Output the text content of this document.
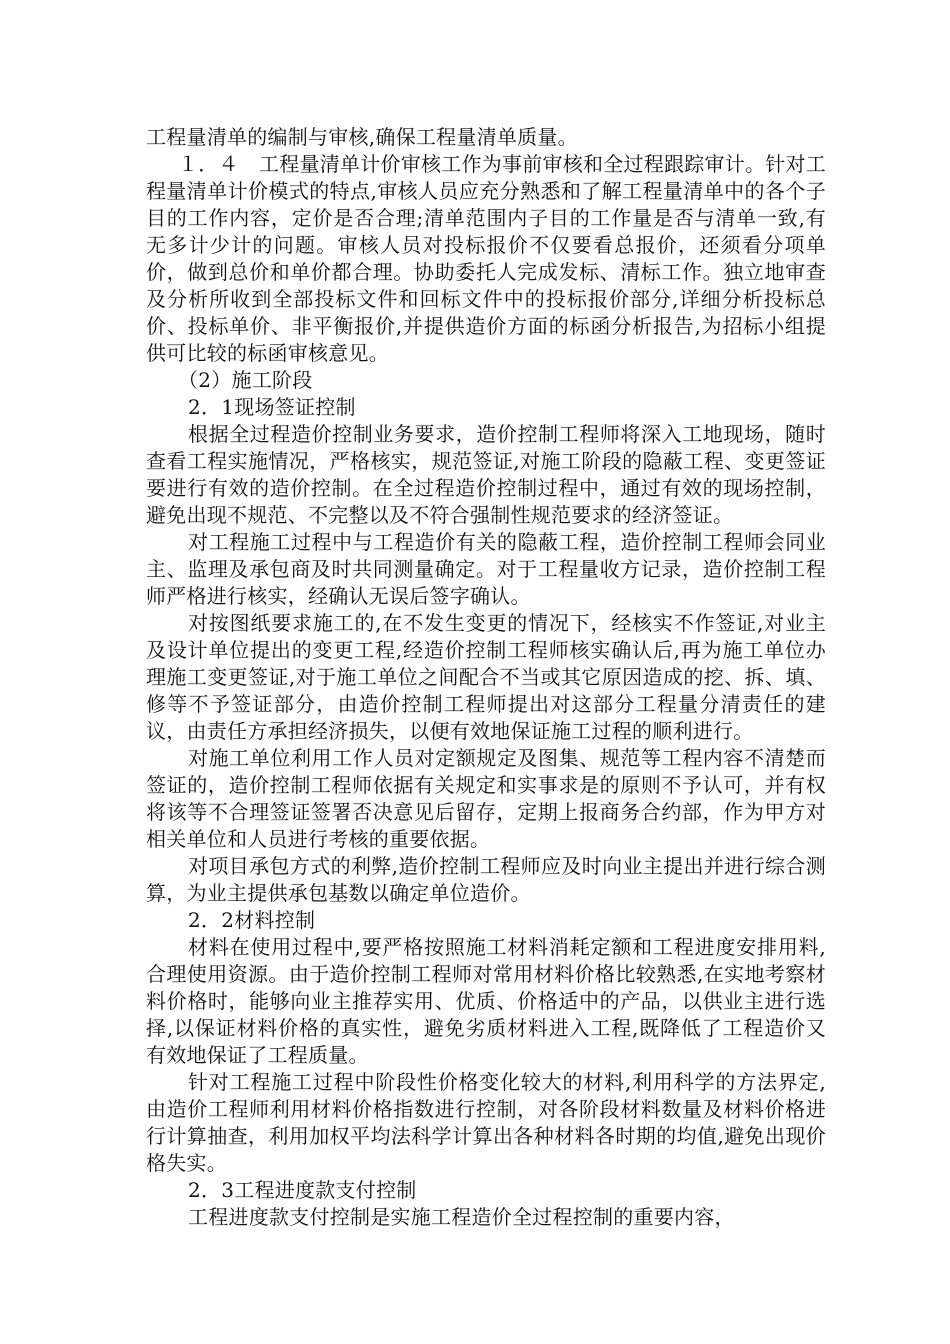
工程量清单的编制与审核,确保工程量清单质量。

１．４　工程量清单计价审核工作为事前审核和全过程跟踪审计。针对工程量清单计价模式的特点,审核人员应充分熟悉和了解工程量清单中的各个子目的工作内容，定价是否合理;清单范围内子目的工作量是否与清单一致,有无多计少计的问题。审核人员对投标报价不仅要看总报价，还须看分项单价，做到总价和单价都合理。协助委托人完成发标、清标工作。独立地审查及分析所收到全部投标文件和回标文件中的投标报价部分,详细分析投标总价、投标单价、非平衡报价,并提供造价方面的标函分析报告,为招标小组提供可比较的标函审核意见。

（2）施工阶段

2．1现场签证控制

根据全过程造价控制业务要求，造价控制工程师将深入工地现场，随时查看工程实施情况，严格核实，规范签证,对施工阶段的隐蔽工程、变更签证要进行有效的造价控制。在全过程造价控制过程中，通过有效的现场控制，避免出现不规范、不完整以及不符合强制性规范要求的经济签证。

对工程施工过程中与工程造价有关的隐蔽工程，造价控制工程师会同业主、监理及承包商及时共同测量确定。对于工程量收方记录，造价控制工程师严格进行核实，经确认无误后签字确认。

对按图纸要求施工的,在不发生变更的情况下，经核实不作签证,对业主及设计单位提出的变更工程,经造价控制工程师核实确认后,再为施工单位办理施工变更签证,对于施工单位之间配合不当或其它原因造成的挖、拆、填、修等不予签证部分，由造价控制工程师提出对这部分工程量分清责任的建议，由责任方承担经济损失，以便有效地保证施工过程的顺利进行。

对施工单位利用工作人员对定额规定及图集、规范等工程内容不清楚而签证的，造价控制工程师依据有关规定和实事求是的原则不予认可，并有权将该等不合理签证签署否决意见后留存，定期上报商务合约部，作为甲方对相关单位和人员进行考核的重要依据。

对项目承包方式的利弊,造价控制工程师应及时向业主提出并进行综合测算，为业主提供承包基数以确定单位造价。

2．2材料控制

材料在使用过程中,要严格按照施工材料消耗定额和工程进度安排用料,合理使用资源。由于造价控制工程师对常用材料价格比较熟悉,在实地考察材料价格时，能够向业主推荐实用、优质、价格适中的产品，以供业主进行选择,以保证材料价格的真实性，避免劣质材料进入工程,既降低了工程造价又有效地保证了工程质量。

针对工程施工过程中阶段性价格变化较大的材料,利用科学的方法界定,由造价工程师利用材料价格指数进行控制，对各阶段材料数量及材料价格进行计算抽查，利用加权平均法科学计算出各种材料各时期的均值,避免出现价格失实。

2．3工程进度款支付控制

工程进度款支付控制是实施工程造价全过程控制的重要内容，
